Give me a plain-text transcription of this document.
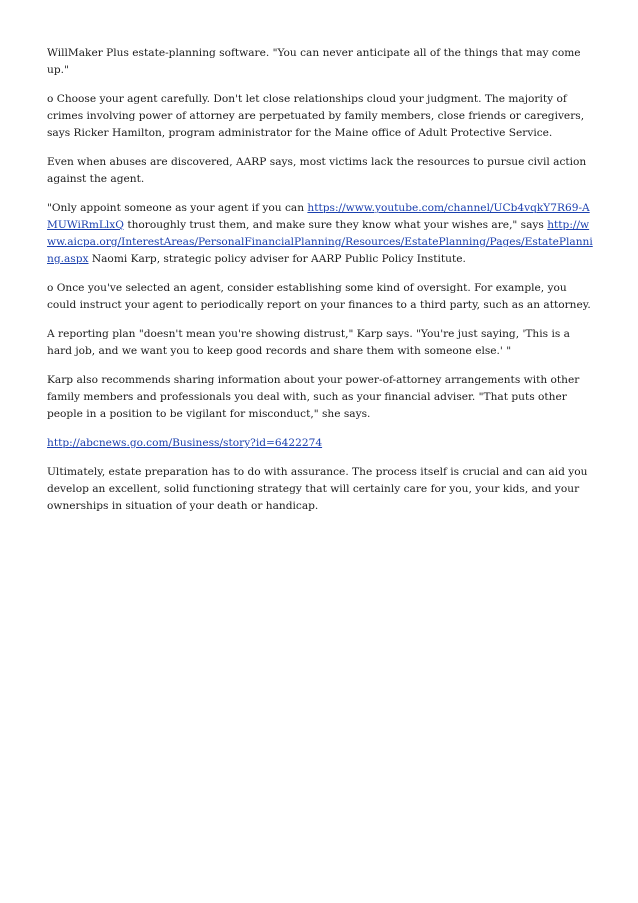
WillMaker Plus estate-planning software. "You can never anticipate all of the things that may come up."

o Choose your agent carefully. Don't let close relationships cloud your judgment. The majority of crimes involving power of attorney are perpetuated by family members, close friends or caregivers, says Ricker Hamilton, program administrator for the Maine office of Adult Protective Service.

Even when abuses are discovered, AARP says, most victims lack the resources to pursue civil action against the agent.

"Only appoint someone as your agent if you can https://www.youtube.com/channel/UCb4vqkY7R69-AMUWiRmLlxQ thoroughly trust them, and make sure they know what your wishes are," says http://www.aicpa.org/InterestAreas/PersonalFinancialPlanning/Resources/EstatePlanning/Pages/EstatePlanning.aspx Naomi Karp, strategic policy adviser for AARP Public Policy Institute.

o Once you've selected an agent, consider establishing some kind of oversight. For example, you could instruct your agent to periodically report on your finances to a third party, such as an attorney.

A reporting plan "doesn't mean you're showing distrust," Karp says. "You're just saying, 'This is a hard job, and we want you to keep good records and share them with someone else.' "

Karp also recommends sharing information about your power-of-attorney arrangements with other family members and professionals you deal with, such as your financial adviser. "That puts other people in a position to be vigilant for misconduct," she says.

http://abcnews.go.com/Business/story?id=6422274

Ultimately, estate preparation has to do with assurance. The process itself is crucial and can aid you develop an excellent, solid functioning strategy that will certainly care for you, your kids, and your ownerships in situation of your death or handicap.
